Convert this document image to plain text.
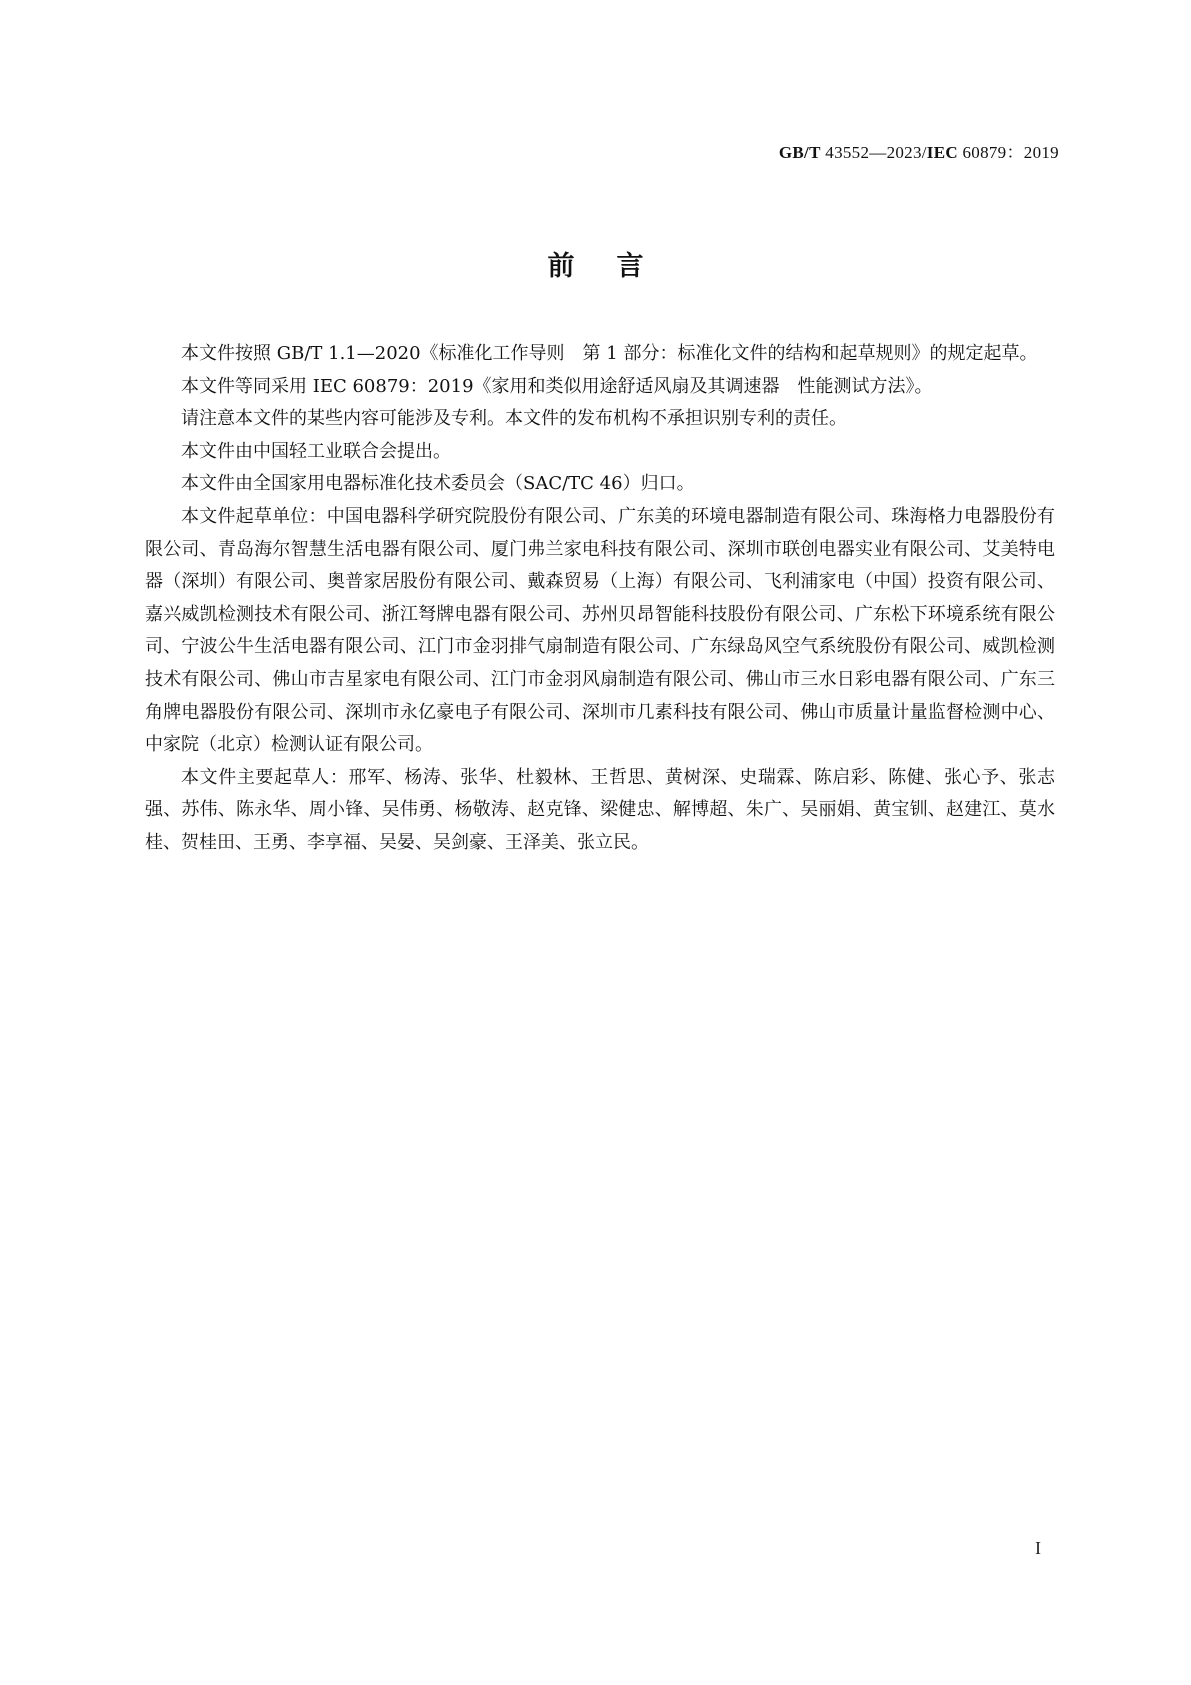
GB/T 43552—2023/IEC 60879：2019
前言

本文件按照 GB/T 1.1—2020《标准化工作导则　第 1 部分：标准化文件的结构和起草规则》的规定起草。

本文件等同采用 IEC 60879：2019《家用和类似用途舒适风扇及其调速器　性能测试方法》。

请注意本文件的某些内容可能涉及专利。本文件的发布机构不承担识别专利的责任。

本文件由中国轻工业联合会提出。

本文件由全国家用电器标准化技术委员会（SAC/TC 46）归口。

本文件起草单位：中国电器科学研究院股份有限公司、广东美的环境电器制造有限公司、珠海格力电器股份有限公司、青岛海尔智慧生活电器有限公司、厦门弗兰家电科技有限公司、深圳市联创电器实业有限公司、艾美特电器（深圳）有限公司、奥普家居股份有限公司、戴森贸易（上海）有限公司、飞利浦家电（中国）投资有限公司、嘉兴威凯检测技术有限公司、浙江弩牌电器有限公司、苏州贝昂智能科技股份有限公司、广东松下环境系统有限公司、宁波公牛生活电器有限公司、江门市金羽排气扇制造有限公司、广东绿岛风空气系统股份有限公司、威凯检测技术有限公司、佛山市吉星家电有限公司、江门市金羽风扇制造有限公司、佛山市三水日彩电器有限公司、广东三角牌电器股份有限公司、深圳市永亿豪电子有限公司、深圳市几素科技有限公司、佛山市质量计量监督检测中心、中家院（北京）检测认证有限公司。

本文件主要起草人：邢军、杨涛、张华、杜毅林、王哲思、黄树深、史瑞霖、陈启彩、陈健、张心予、张志强、苏伟、陈永华、周小锋、吴伟勇、杨敬涛、赵克锋、梁健忠、解博超、朱广、吴丽娟、黄宝钏、赵建江、莫水桂、贺桂田、王勇、李享福、吴晏、吴剑豪、王泽美、张立民。

I
